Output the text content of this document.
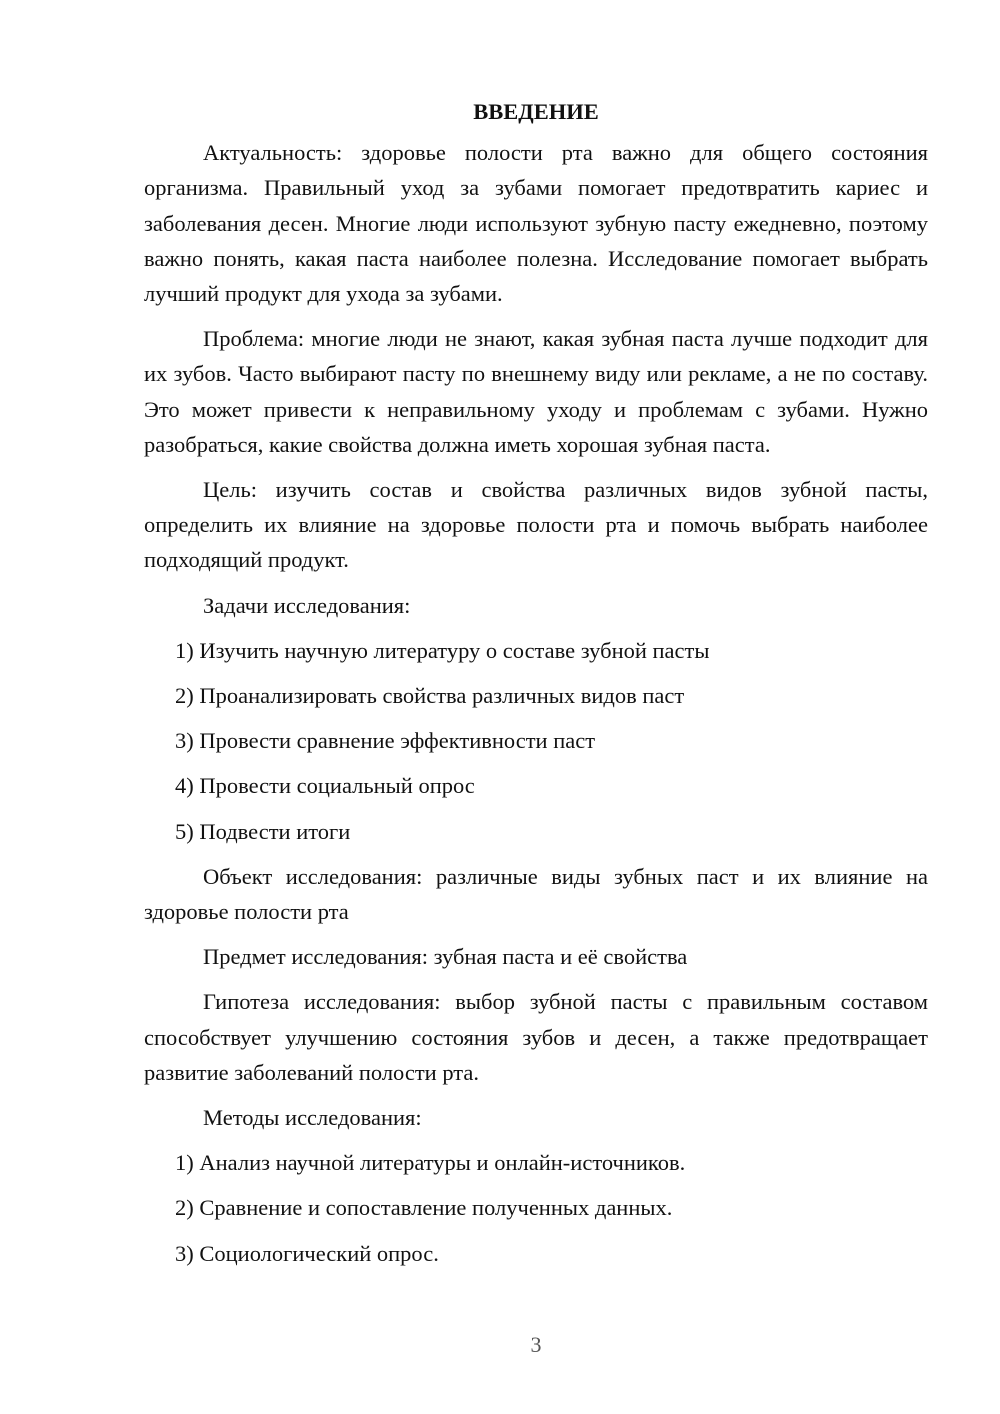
ВВЕДЕНИЕ

Актуальность: здоровье полости рта важно для общего состояния организма. Правильный уход за зубами помогает предотвратить кариес и заболевания десен. Многие люди используют зубную пасту ежедневно, поэтому важно понять, какая паста наиболее полезна. Исследование помогает выбрать лучший продукт для ухода за зубами.

Проблема: многие люди не знают, какая зубная паста лучше подходит для их зубов. Часто выбирают пасту по внешнему виду или рекламе, а не по составу. Это может привести к неправильному уходу и проблемам с зубами. Нужно разобраться, какие свойства должна иметь хорошая зубная паста.

Цель: изучить состав и свойства различных видов зубной пасты, определить их влияние на здоровье полости рта и помочь выбрать наиболее подходящий продукт.

Задачи исследования:

1) Изучить научную литературу о составе зубной пасты

2) Проанализировать свойства различных видов паст

3) Провести сравнение эффективности паст

4) Провести социальный опрос

5) Подвести итоги

Объект исследования: различные виды зубных паст и их влияние на здоровье полости рта

Предмет исследования: зубная паста и её свойства

Гипотеза исследования: выбор зубной пасты с правильным составом способствует улучшению состояния зубов и десен, а также предотвращает развитие заболеваний полости рта.

Методы исследования:

1) Анализ научной литературы и онлайн-источников.

2) Сравнение и сопоставление полученных данных.

3) Социологический опрос.

3
